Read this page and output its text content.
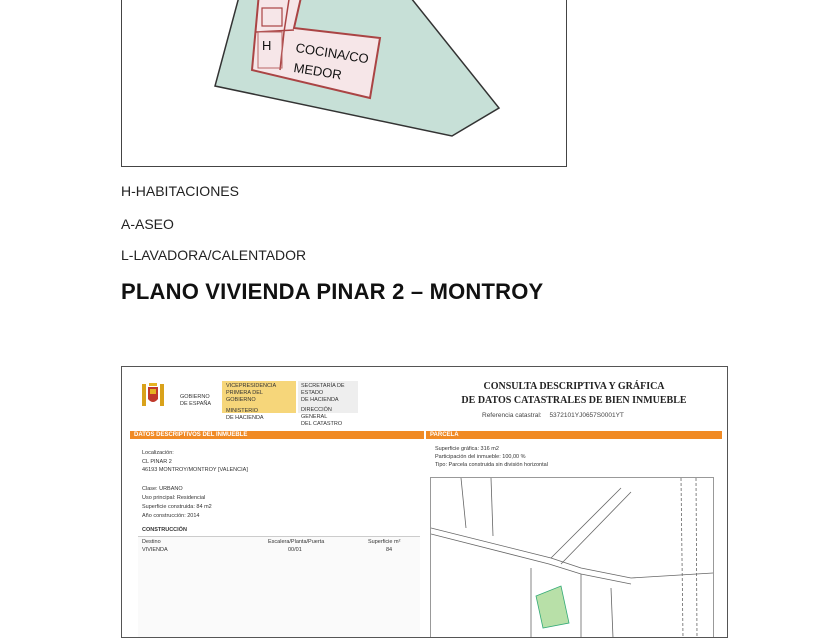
H COCINA/CO
MEDOR
H-HABITACIONES
A-ASEO
L-LAVADORA/CALENTADOR
PLANO VIVIENDA PINAR 2 – MONTROY
GOBIERNO
DE ESPAÑA
VICEPRESIDENCIA
PRIMERA DEL GOBIERNO
MINISTERIO
DE HACIENDA
SECRETARÍA DE ESTADO
DE HACIENDA
DIRECCIÓN GENERAL
DEL CATASTRO
CONSULTA DESCRIPTIVA Y GRÁFICA
DE DATOS CATASTRALES DE BIEN INMUEBLE
Referencia catastral: 5372101YJ0657S0001YT
DATOS DESCRIPTIVOS DEL INMUEBLE
Localización:
CL PINAR 2
46193 MONTROY/MONTROY [VALENCIA]
Clase: URBANO
Uso principal: Residencial
Superficie construida: 84 m2
Año construcción: 2014
CONSTRUCCIÓN
Destino	Escalera/Planta/Puerta	Superficie m²
VIVIENDA	00/01	84
PARCELA
Superficie gráfica: 316 m2
Participación del inmueble: 100,00 %
Tipo: Parcela construida sin división horizontal
